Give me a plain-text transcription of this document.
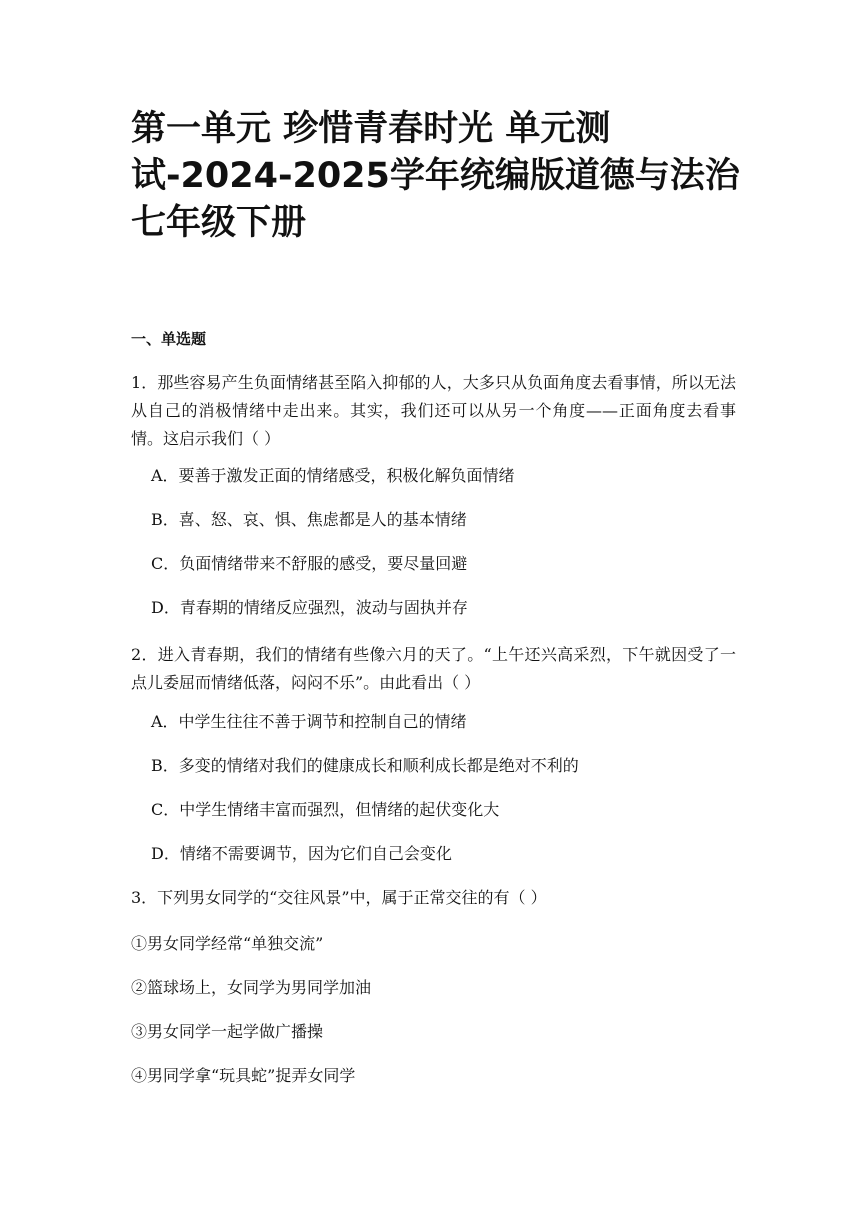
第一单元 珍惜青春时光 单元测试-2024-2025学年统编版道德与法治七年级下册
一、单选题
1．那些容易产生负面情绪甚至陷入抑郁的人，大多只从负面角度去看事情，所以无法从自己的消极情绪中走出来。其实，我们还可以从另一个角度——正面角度去看事情。这启示我们（ ）
A．要善于激发正面的情绪感受，积极化解负面情绪
B．喜、怒、哀、惧、焦虑都是人的基本情绪
C．负面情绪带来不舒服的感受，要尽量回避
D．青春期的情绪反应强烈，波动与固执并存
2．进入青春期，我们的情绪有些像六月的天了。“上午还兴高采烈，下午就因受了一点儿委屈而情绪低落，闷闷不乐”。由此看出（ ）
A．中学生往往不善于调节和控制自己的情绪
B．多变的情绪对我们的健康成长和顺利成长都是绝对不利的
C．中学生情绪丰富而强烈，但情绪的起伏变化大
D．情绪不需要调节，因为它们自己会变化
3．下列男女同学的“交往风景”中，属于正常交往的有（ ）
①男女同学经常“单独交流”
②篮球场上，女同学为男同学加油
③男女同学一起学做广播操
④男同学拿“玩具蛇”捉弄女同学
